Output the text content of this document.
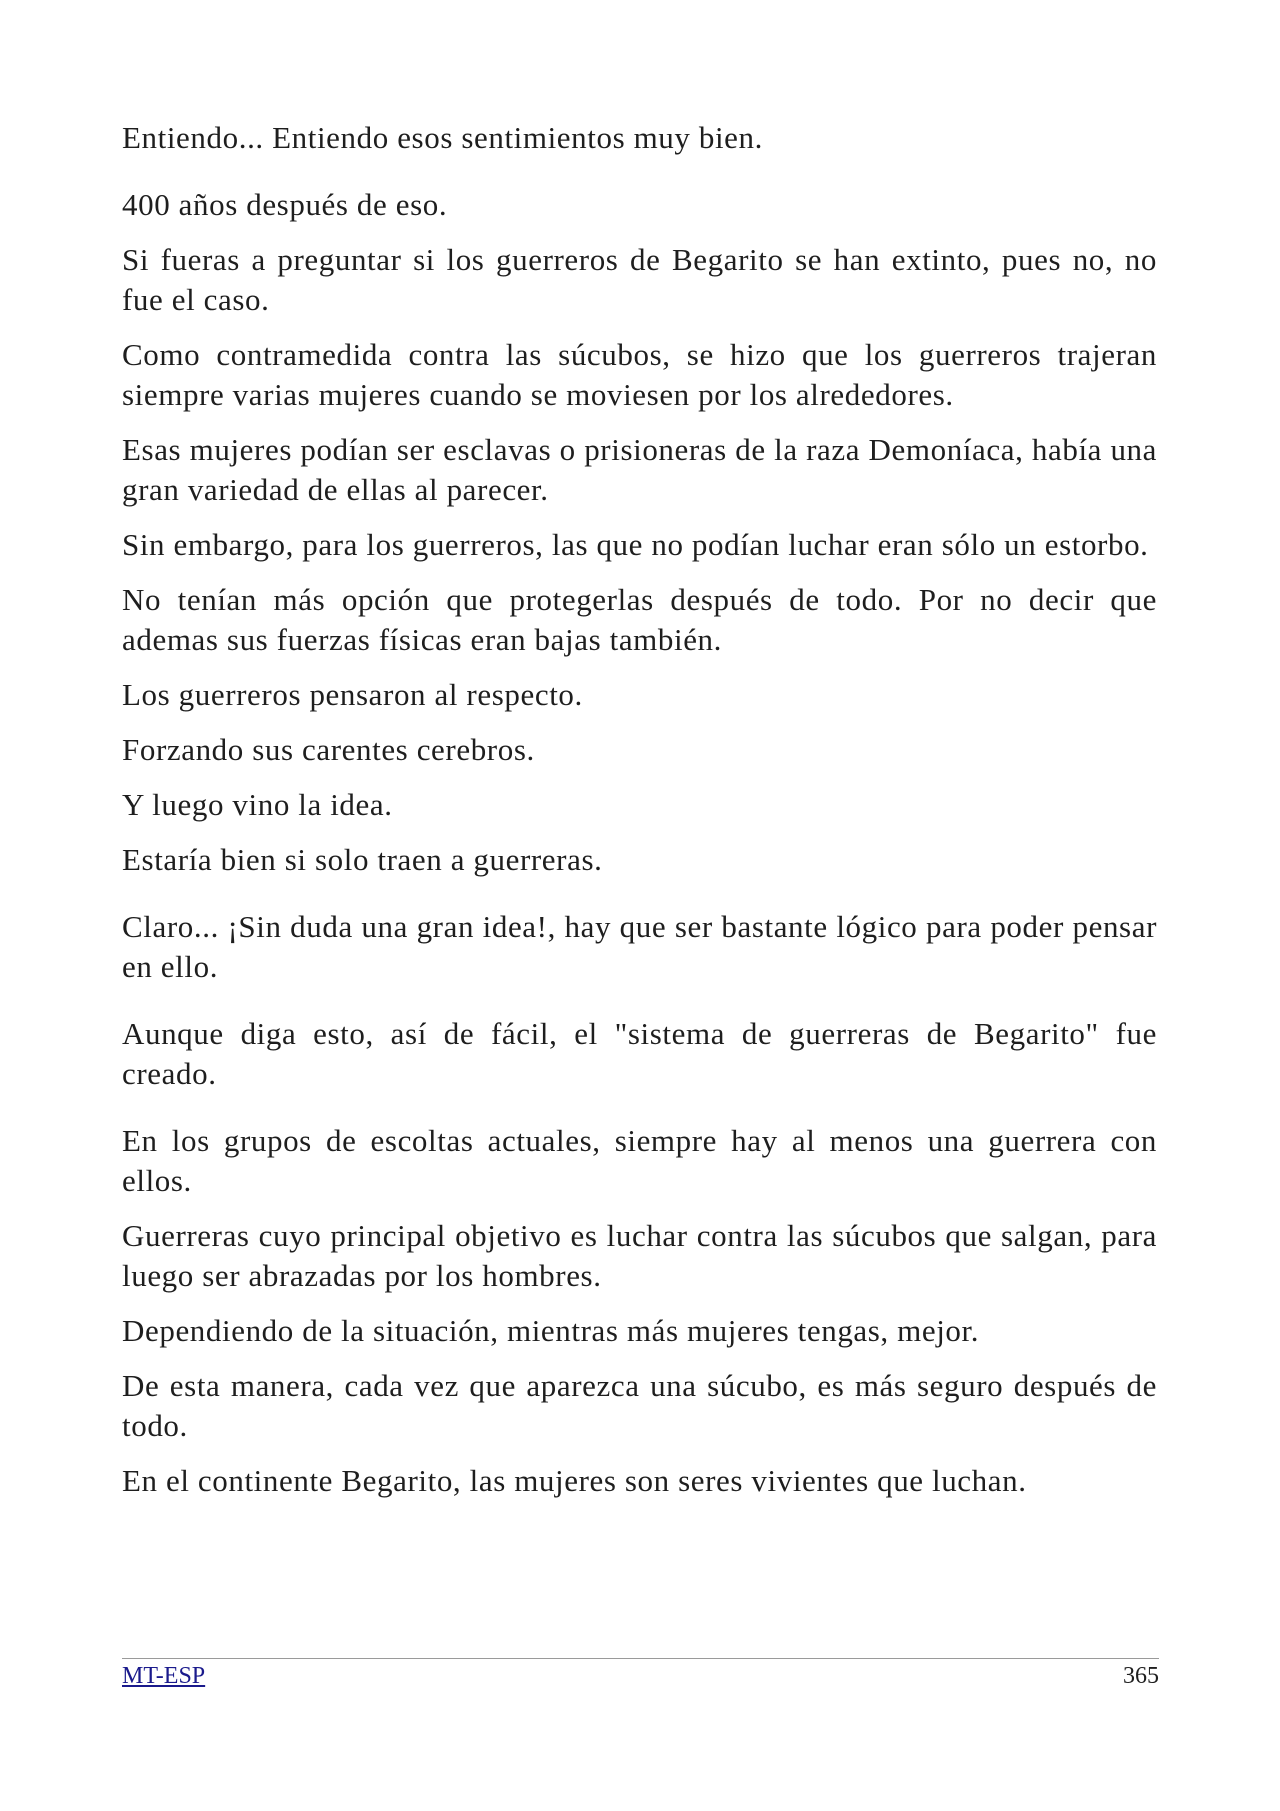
Entiendo... Entiendo esos sentimientos muy bien.

400 años después de eso.

Si fueras a preguntar si los guerreros de Begarito se han extinto, pues no, no fue el caso.

Como contramedida contra las súcubos, se hizo que los guerreros trajeran siempre varias mujeres cuando se moviesen por los alrededores.

Esas mujeres podían ser esclavas o prisioneras de la raza Demoníaca, había una gran variedad de ellas al parecer.

Sin embargo, para los guerreros, las que no podían luchar eran sólo un estorbo.

No tenían más opción que protegerlas después de todo. Por no decir que ademas sus fuerzas físicas eran bajas también.

Los guerreros pensaron al respecto.

Forzando sus carentes cerebros.

Y luego vino la idea.

Estaría bien si solo traen a guerreras.

Claro... ¡Sin duda una gran idea!, hay que ser bastante lógico para poder pensar en ello.

Aunque diga esto, así de fácil, el "sistema de guerreras de Begarito" fue creado.

En los grupos de escoltas actuales, siempre hay al menos una guerrera con ellos.

Guerreras cuyo principal objetivo es luchar contra las súcubos que salgan, para luego ser abrazadas por los hombres.

Dependiendo de la situación, mientras más mujeres tengas, mejor.

De esta manera, cada vez que aparezca una súcubo, es más seguro después de todo.

En el continente Begarito, las mujeres son seres vivientes que luchan.

MT-ESP	365
